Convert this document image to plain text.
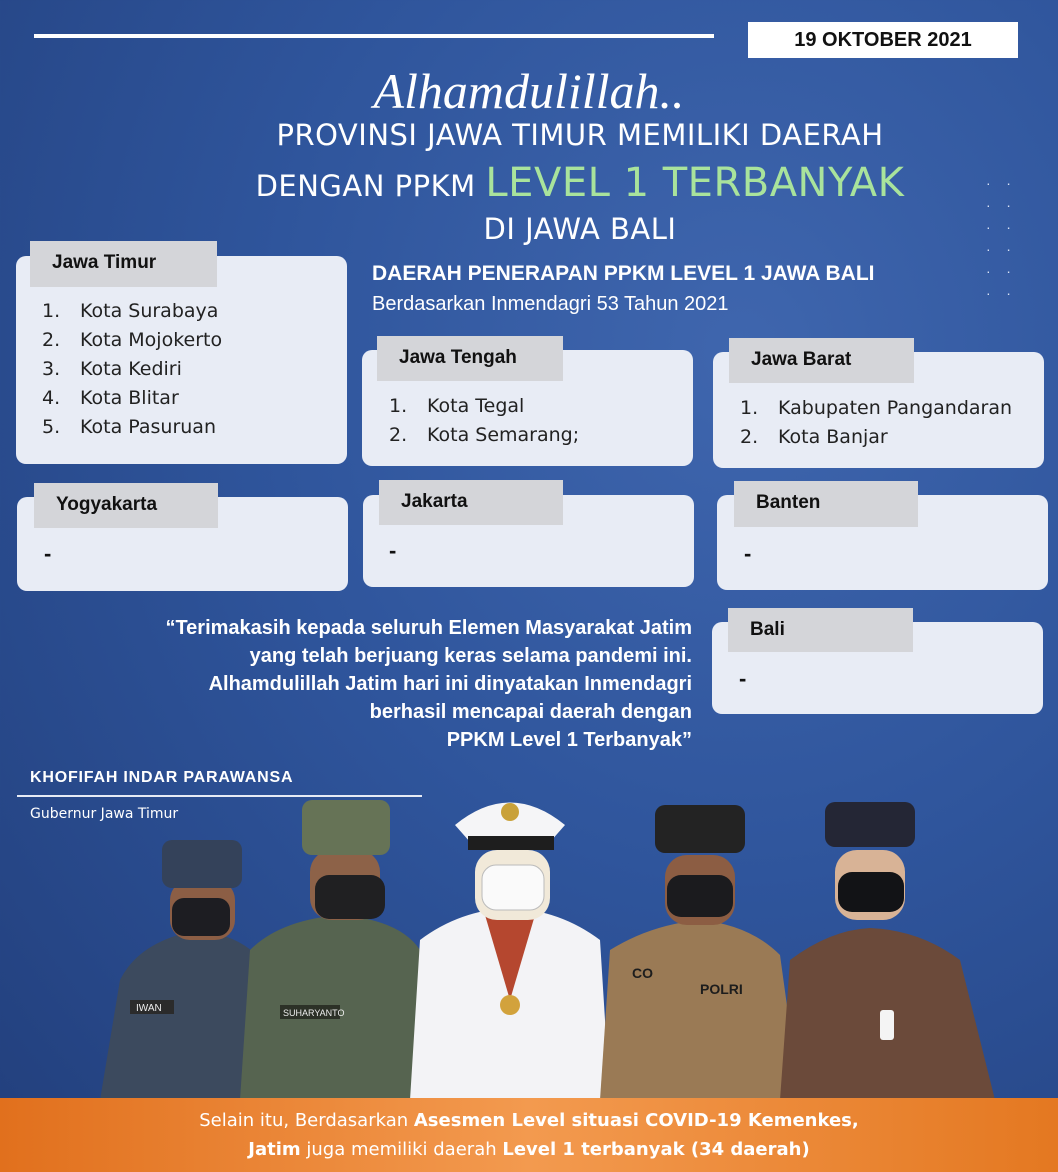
19 OKTOBER 2021
Alhamdulillah..
PROVINSI JAWA TIMUR MEMILIKI DAERAH
DENGAN PPKM LEVEL 1 TERBANYAK
DI JAWA BALI
·    ·
·    ·
·    ·
·    ·
·    ·
·    ·
Jawa Timur
1. Kota Surabaya
2. Kota Mojokerto
3. Kota Kediri
4. Kota Blitar
5. Kota Pasuruan
DAERAH PENERAPAN PPKM LEVEL 1 JAWA BALI
Berdasarkan Inmendagri 53 Tahun 2021
Jawa Tengah
1. Kota Tegal
2. Kota Semarang;
Jawa Barat
1. Kabupaten Pangandaran
2. Kota Banjar
Yogyakarta
-
Jakarta
-
Banten
-
Bali
-
“Terimakasih kepada seluruh Elemen Masyarakat Jatim
yang telah berjuang keras selama pandemi ini.
Alhamdulillah Jatim hari ini dinyatakan Inmendagri
berhasil mencapai daerah dengan
PPKM Level 1 Terbanyak”
KHOFIFAH INDAR PARAWANSA
Gubernur Jawa Timur
IWAN	SUHARYANTO
CO
POLRI
Selain itu, Berdasarkan Asesmen Level situasi COVID-19 Kemenkes,
Jatim juga memiliki daerah Level 1 terbanyak (34 daerah)
